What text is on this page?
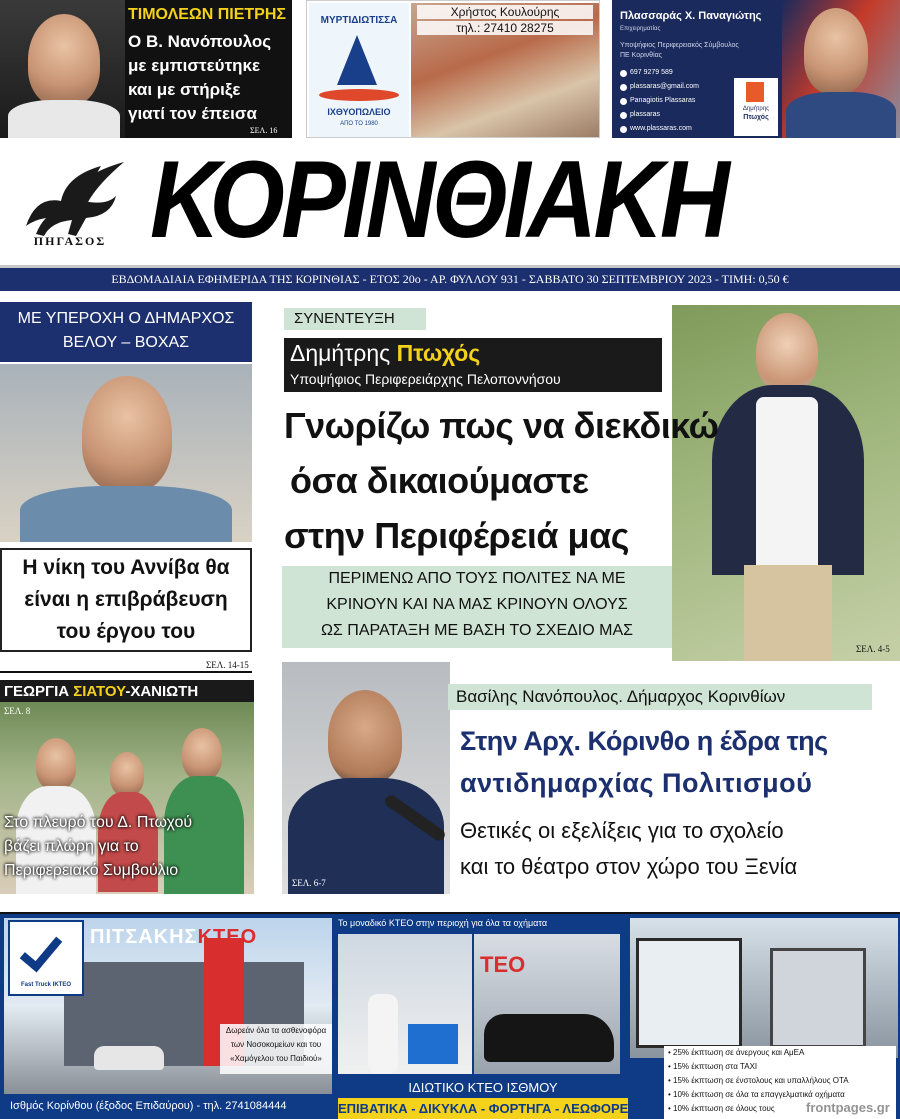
ΤΙΜΟΛΕΩΝ ΠΙΕΤΡΗΣ
Ο Β. Νανόπουλος
με εμπιστεύτηκε
και με στήριξε
γιατί τον έπεισα
ΣΕΛ. 16
ΜΥΡΤΙΔΙΩΤΙΣΣΑ
ΙΧΘΥΟΠΩΛΕΙΟ
ΑΠΟ ΤΟ 1980
Χρήστος Κουλούρης
τηλ.: 27410 28275
Πλασσαράς Χ. Παναγιώτης
Επιχειρηματίας
Υποψήφιος Περιφερειακός Σύμβουλος
ΠΕ Κορινθίας
697 9279 589
plassaras@gmail.com
Panagiotis Plassaras
plassaras
www.plassaras.com
Δημήτρης
Πτωχός
ΠΗΓΑΣΟΣ ΚΟΡΙΝΘΙΑΚΗ
ΕΒΔΟΜΑΔΙΑΙΑ ΕΦΗΜΕΡΙΔΑ ΤΗΣ ΚΟΡΙΝΘΙΑΣ - ΕΤΟΣ 20ο - ΑΡ. ΦΥΛΛΟΥ 931 - ΣΑΒΒΑΤΟ 30 ΣΕΠΤΕΜΒΡΙΟΥ 2023 - ΤΙΜΗ: 0,50 €
ΜΕ ΥΠΕΡΟΧΗ Ο ΔΗΜΑΡΧΟΣ
ΒΕΛΟΥ – ΒΟΧΑΣ
Η νίκη του Αννίβα θα
είναι η επιβράβευση
του έργου του
ΣΕΛ. 14-15
ΓΕΩΡΓΙΑ ΣΙΑΤΟΥ-ΧΑΝΙΩΤΗ
ΣΕΛ. 8
Στο πλευρό του Δ. Πτωχού
βάζει πλώρη για το
Περιφερειακό Συμβούλιο
ΣΕΛ. 4-5
ΣΥΝΕΝΤΕΥΞΗ
Δημήτρης Πτωχός
Υποψήφιος Περιφερειάρχης Πελοποννήσου
Γνωρίζω πως να διεκδικώ
όσα δικαιούμαστε
στην Περιφέρειά μας
ΠΕΡΙΜΕΝΩ ΑΠΟ ΤΟΥΣ ΠΟΛΙΤΕΣ ΝΑ ΜΕ
ΚΡΙΝΟΥΝ ΚΑΙ ΝΑ ΜΑΣ ΚΡΙΝΟΥΝ ΟΛΟΥΣ
ΩΣ ΠΑΡΑΤΑΞΗ ΜΕ ΒΑΣΗ ΤΟ ΣΧΕΔΙΟ ΜΑΣ
ΣΕΛ. 6-7
Βασίλης Νανόπουλος. Δήμαρχος Κορινθίων
Στην Αρχ. Κόρινθο η έδρα της
αντιδημαρχίας Πολιτισμού
Θετικές οι εξελίξεις για το σχολείο
και το θέατρο στον χώρο του Ξενία
Fast Truck ΙΚΤΕΟ
ΠΙΤΣΑΚΗΣΚΤΕΟ
Δωρεάν όλα τα ασθενοφόρα
των Νοσοκομείων και του
«Χαμόγελου του Παιδιού»
Ισθμός Κορίνθου (έξοδος Επιδαύρου) - τηλ. 2741084444
Το μοναδικό ΚΤΕΟ στην περιοχή για όλα τα οχήματα
ΤΕΟ
ΙΔΙΩΤΙΚΟ ΚΤΕΟ ΙΣΘΜΟΥ
ΕΠΙΒΑΤΙΚΑ - ΔΙΚΥΚΛΑ - ΦΟΡΤΗΓΑ - ΛΕΩΦΟΡΕΙΑ
• 25% έκπτωση σε άνεργους και ΑμΕΑ
• 15% έκπτωση στα ΤΑΧΙ
• 15% έκπτωση σε ένστολους και υπαλλήλους ΟΤΑ
• 10% έκπτωση σε όλα τα επαγγελματικά οχήματα
• 10% έκπτωση σε όλους τους frontpages.gr
